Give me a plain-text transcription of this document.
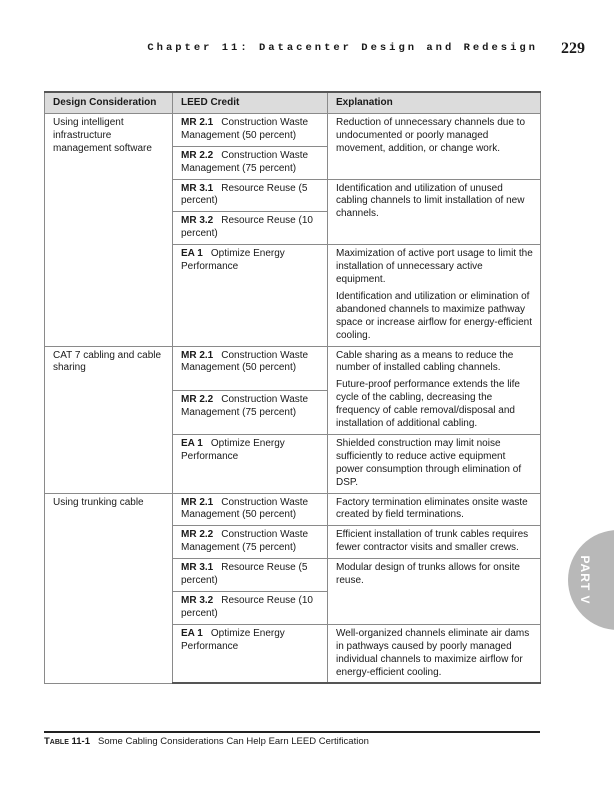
Chapter 11: Datacenter Design and Redesign 229
Design Consideration	LEED Credit	Explanation
Using intelligent infrastructure management software	MR 2.1 Construction Waste Management (50 percent)	Reduction of unnecessary channels due to undocumented or poorly managed movement, addition, or change work.
	MR 2.2 Construction Waste Management (75 percent)	
	MR 3.1 Resource Reuse (5 percent)	Identification and utilization of unused cabling channels to limit installation of new channels.
	MR 3.2 Resource Reuse (10 percent)	
	EA 1 Optimize Energy Performance	Maximization of active port usage to limit the installation of unnecessary active equipment.
Identification and utilization or elimination of abandoned channels to maximize pathway space or increase airflow for energy-efficient cooling.

CAT 7 cabling and cable sharing	MR 2.1 Construction Waste Management (50 percent)	Cable sharing as a means to reduce the number of installed cabling channels.
Future-proof performance extends the life cycle of the cabling, decreasing the frequency of cable removal/disposal and installation of additional cabling.

	MR 2.2 Construction Waste Management (75 percent)	
	EA 1 Optimize Energy Performance	Shielded construction may limit noise sufficiently to reduce active equipment power consumption through elimination of DSP.
Using trunking cable	MR 2.1 Construction Waste Management (50 percent)	Factory termination eliminates onsite waste created by field terminations.
	MR 2.2 Construction Waste Management (75 percent)	Efficient installation of trunk cables requires fewer contractor visits and smaller crews.
	MR 3.1 Resource Reuse (5 percent)	Modular design of trunks allows for onsite reuse.
	MR 3.2 Resource Reuse (10 percent)	
	EA 1 Optimize Energy Performance	Well-organized channels eliminate air dams in pathways caused by poorly managed individual channels to maximize airflow for energy-efficient cooling.
Table 11-1 Some Cabling Considerations Can Help Earn LEED Certification
PART V
